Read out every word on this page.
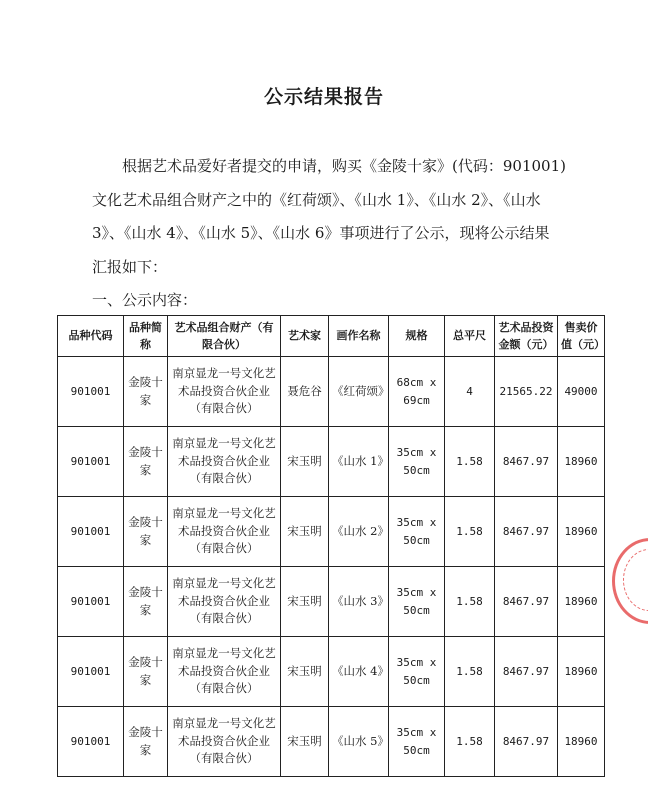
公示结果报告

根据艺术品爱好者提交的申请，购买《金陵十家》(代码：901001)
文化艺术品组合财产之中的《红荷颂》、《山水 1》、《山水 2》、《山水
3》、《山水 4》、《山水 5》、《山水 6》事项进行了公示，现将公示结果
汇报如下：

一、公示内容：
品种代码	品种简称	艺术品组合财产（有限合伙）	艺术家	画作名称	规格	总平尺	艺术品投资金额（元）	售卖价值（元）
901001	金陵十家	南京显龙一号文化艺术品投资合伙企业（有限合伙）	聂危谷	《红荷颂》	68cm x 69cm	4	21565.22	49000
901001	金陵十家	南京显龙一号文化艺术品投资合伙企业（有限合伙）	宋玉明	《山水 1》	35cm x 50cm	1.58	8467.97	18960
901001	金陵十家	南京显龙一号文化艺术品投资合伙企业（有限合伙）	宋玉明	《山水 2》	35cm x 50cm	1.58	8467.97	18960
901001	金陵十家	南京显龙一号文化艺术品投资合伙企业（有限合伙）	宋玉明	《山水 3》	35cm x 50cm	1.58	8467.97	18960
901001	金陵十家	南京显龙一号文化艺术品投资合伙企业（有限合伙）	宋玉明	《山水 4》	35cm x 50cm	1.58	8467.97	18960
901001	金陵十家	南京显龙一号文化艺术品投资合伙企业（有限合伙）	宋玉明	《山水 5》	35cm x 50cm	1.58	8467.97	18960
